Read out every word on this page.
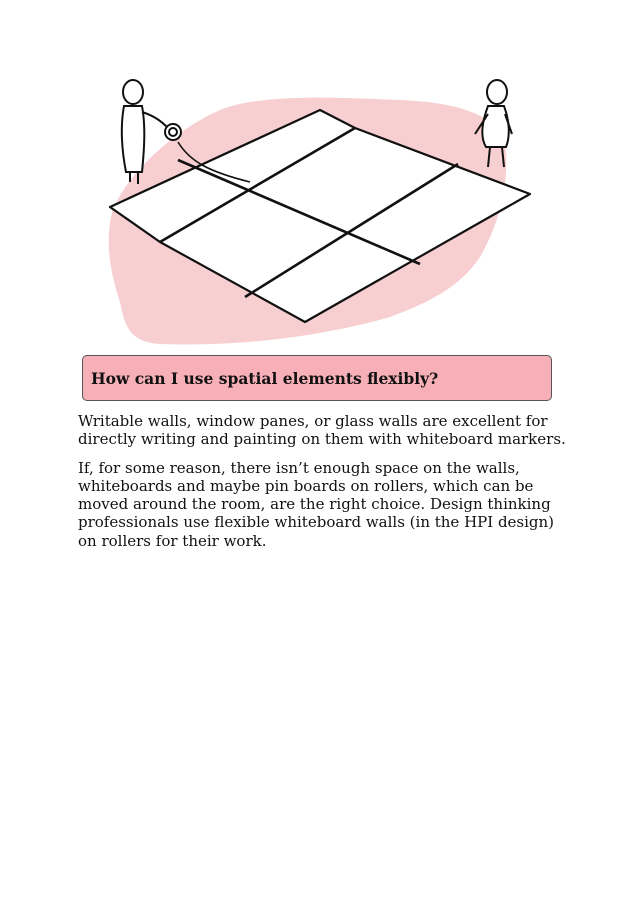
How can I use spatial elements flexibly?

Writable walls, window panes, or glass walls are excellent for directly writing and painting on them with whiteboard markers.

If, for some reason, there isn’t enough space on the walls, whiteboards and maybe pin boards on rollers, which can be moved around the room, are the right choice. Design thinking professionals use flexible whiteboard walls (in the HPI design) on rollers for their work.
